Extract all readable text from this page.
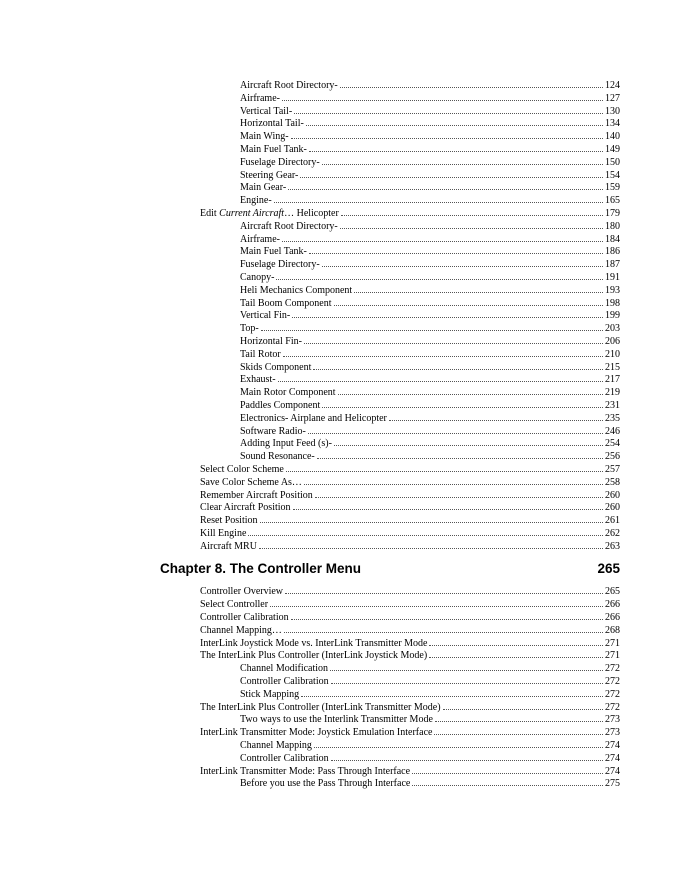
Aircraft Root Directory-	124
Airframe-	127
Vertical Tail-	130
Horizontal Tail-	134
Main Wing-	140
Main Fuel Tank-	149
Fuselage Directory-	150
Steering Gear-	154
Main Gear-	159
Engine-	165
Edit Current Aircraft… Helicopter	179
Aircraft Root Directory-	180
Airframe-	184
Main Fuel Tank-	186
Fuselage Directory-	187
Canopy-	191
Heli Mechanics Component	193
Tail Boom Component	198
Vertical Fin-	199
Top-	203
Horizontal Fin-	206
Tail Rotor	210
Skids Component	215
Exhaust-	217
Main Rotor Component	219
Paddles Component	231
Electronics- Airplane and Helicopter	235
Software Radio-	246
Adding Input Feed (s)-	254
Sound Resonance-	256
Select Color Scheme	257
Save Color Scheme As…	258
Remember Aircraft Position	260
Clear Aircraft Position	260
Reset Position	261
Kill Engine	262
Aircraft MRU	263
Chapter 8. The Controller Menu	265
Controller Overview	265
Select Controller	266
Controller Calibration	266
Channel Mapping…	268
InterLink Joystick Mode vs. InterLink Transmitter Mode	271
The InterLink Plus Controller (InterLink Joystick Mode)	271
Channel Modification	272
Controller Calibration	272
Stick Mapping	272
The InterLink Plus Controller (InterLink Transmitter Mode)	272
Two ways to use the Interlink Transmitter Mode	273
InterLink Transmitter Mode: Joystick Emulation Interface	273
Channel Mapping	274
Controller Calibration	274
InterLink Transmitter Mode: Pass Through Interface	274
Before you use the Pass Through Interface	275
